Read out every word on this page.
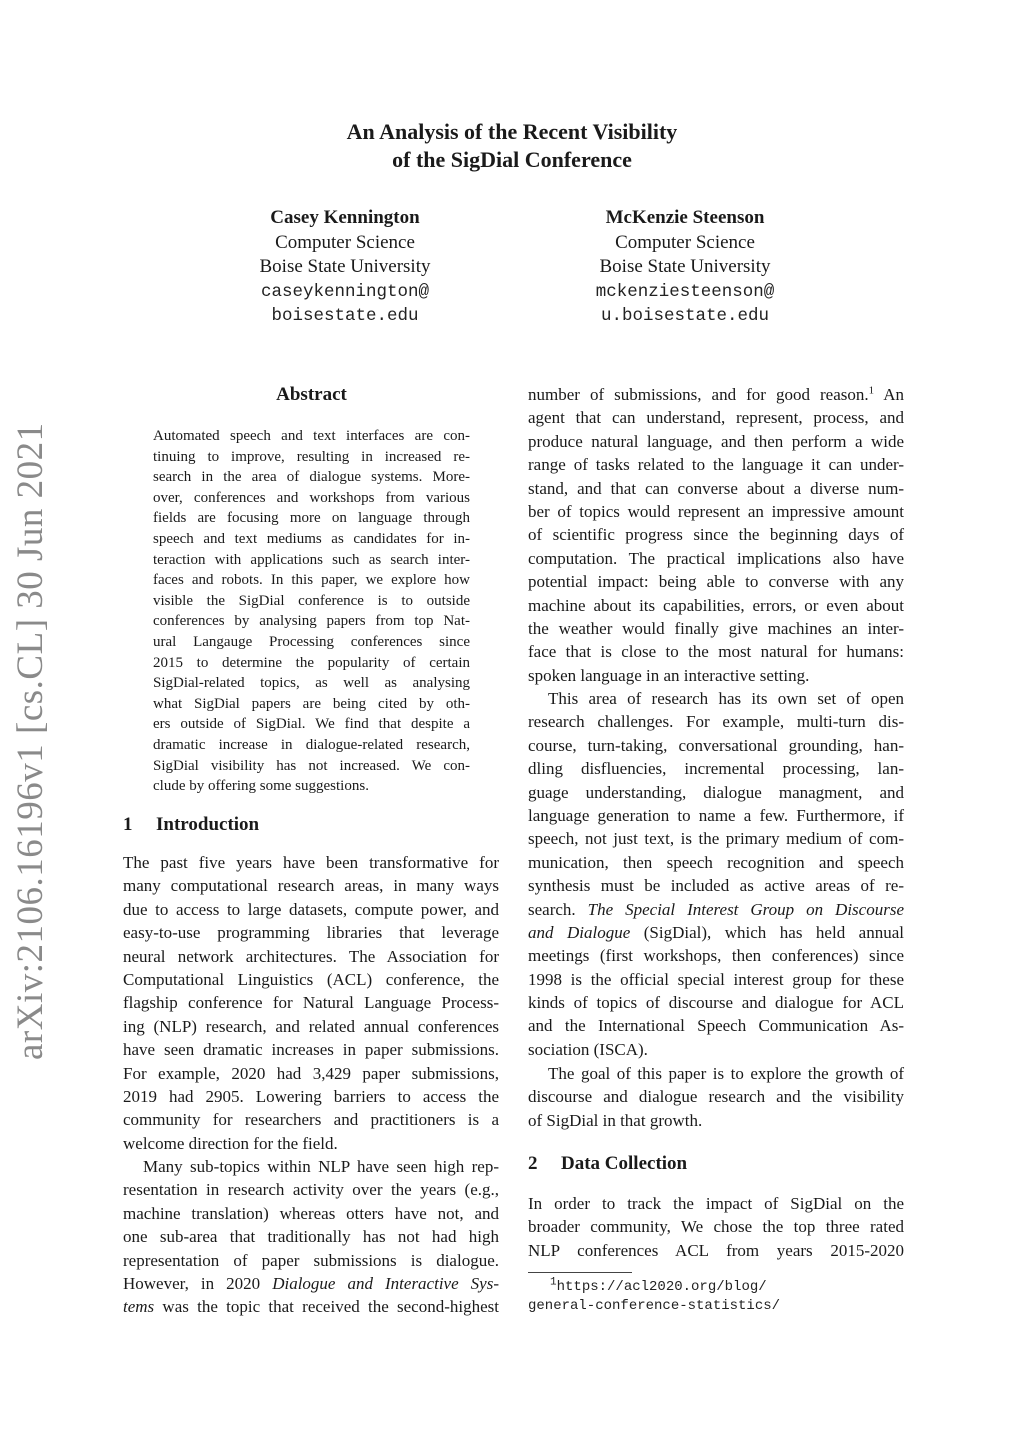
An Analysis of the Recent Visibility
of the SigDial Conference
Casey Kennington
Computer Science
Boise State University
caseykennington@
boisestate.edu
McKenzie Steenson
Computer Science
Boise State University
mckenziesteenson@
u.boisestate.edu
arXiv:2106.16196v1 [cs.CL] 30 Jun 2021
Abstract
Automated speech and text interfaces are con-
tinuing to improve, resulting in increased re-
search in the area of dialogue systems. More-
over, conferences and workshops from various
fields are focusing more on language through
speech and text mediums as candidates for in-
teraction with applications such as search inter-
faces and robots. In this paper, we explore how
visible the SigDial conference is to outside
conferences by analysing papers from top Nat-
ural Langauge Processing conferences since
2015 to determine the popularity of certain
SigDial-related topics, as well as analysing
what SigDial papers are being cited by oth-
ers outside of SigDial. We find that despite a
dramatic increase in dialogue-related research,
SigDial visibility has not increased. We con-
clude by offering some suggestions.
1 Introduction
The past five years have been transformative for
many computational research areas, in many ways
due to access to large datasets, compute power, and
easy-to-use programming libraries that leverage
neural network architectures. The Association for
Computational Linguistics (ACL) conference, the
flagship conference for Natural Language Process-
ing (NLP) research, and related annual conferences
have seen dramatic increases in paper submissions.
For example, 2020 had 3,429 paper submissions,
2019 had 2905. Lowering barriers to access the
community for researchers and practitioners is a
welcome direction for the field.
Many sub-topics within NLP have seen high rep-
resentation in research activity over the years (e.g.,
machine translation) whereas otters have not, and
one sub-area that traditionally has not had high
representation of paper submissions is dialogue.
However, in 2020 Dialogue and Interactive Sys-
tems was the topic that received the second-highest
number of submissions, and for good reason.$^1$ An
agent that can understand, represent, process, and
produce natural language, and then perform a wide
range of tasks related to the language it can under-
stand, and that can converse about a diverse num-
ber of topics would represent an impressive amount
of scientific progress since the beginning days of
computation. The practical implications also have
potential impact: being able to converse with any
machine about its capabilities, errors, or even about
the weather would finally give machines an inter-
face that is close to the most natural for humans:
spoken language in an interactive setting.
This area of research has its own set of open
research challenges. For example, multi-turn dis-
course, turn-taking, conversational grounding, han-
dling disfluencies, incremental processing, lan-
guage understanding, dialogue managment, and
language generation to name a few. Furthermore, if
speech, not just text, is the primary medium of com-
munication, then speech recognition and speech
synthesis must be included as active areas of re-
search. The Special Interest Group on Discourse
and Dialogue (SigDial), which has held annual
meetings (first workshops, then conferences) since
1998 is the official special interest group for these
kinds of topics of discourse and dialogue for ACL
and the International Speech Communication As-
sociation (ISCA).
The goal of this paper is to explore the growth of
discourse and dialogue research and the visibility
of SigDial in that growth.
2 Data Collection
In order to track the impact of SigDial on the
broader community, We chose the top three rated
NLP conferences ACL from years 2015-2020
$^1$https://acl2020.org/blog/
general-conference-statistics/
